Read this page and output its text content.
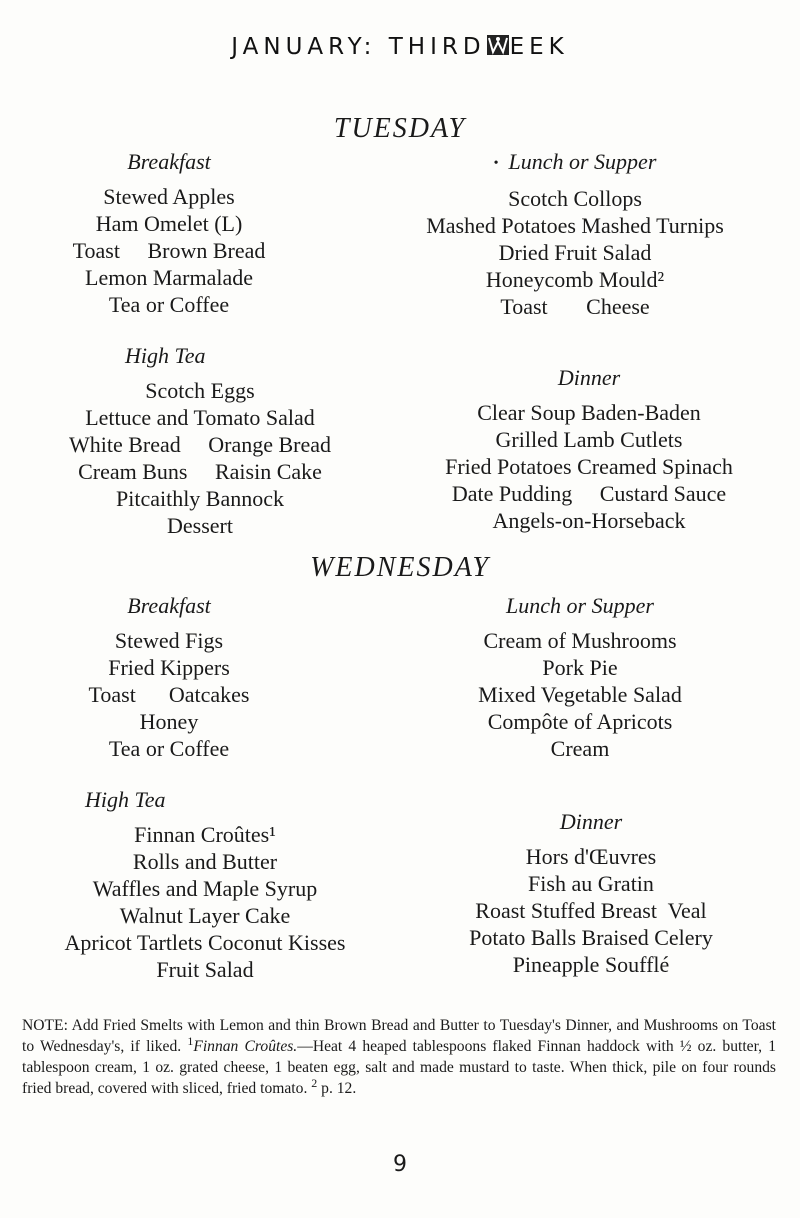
JANUARY: THIRD EEK
TUESDAY
Breakfast
Stewed Apples
Ham Omelet (L)
Toast     Brown Bread
Lemon Marmalade
Tea or Coffee
• Lunch or Supper
Scotch Collops
Mashed Potatoes Mashed Turnips
Dried Fruit Salad
Honeycomb Mould²
Toast       Cheese
High Tea
Scotch Eggs
Lettuce and Tomato Salad
White Bread     Orange Bread
Cream Buns     Raisin Cake
Pitcaithly Bannock
Dessert
Dinner
Clear Soup Baden-Baden
Grilled Lamb Cutlets
Fried Potatoes Creamed Spinach
Date Pudding     Custard Sauce
Angels-on-Horseback
WEDNESDAY
Breakfast
Stewed Figs
Fried Kippers
Toast      Oatcakes
Honey
Tea or Coffee
Lunch or Supper
Cream of Mushrooms
Pork Pie
Mixed Vegetable Salad
Compôte of Apricots
Cream
High Tea
Finnan Croûtes¹
Rolls and Butter
Waffles and Maple Syrup
Walnut Layer Cake
Apricot Tartlets Coconut Kisses
Fruit Salad
Dinner
Hors d'Œuvres
Fish au Gratin
Roast Stuffed Breast  Veal
Potato Balls Braised Celery
Pineapple Soufflé
NOTE: Add Fried Smelts with Lemon and thin Brown Bread and Butter to Tuesday's Dinner, and Mushrooms on Toast to Wednesday's, if liked. $^1$Finnan Croûtes.—Heat 4 heaped tablespoons flaked Finnan haddock with ½ oz. butter, 1 tablespoon cream, 1 oz. grated cheese, 1 beaten egg, salt and made mustard to taste. When thick, pile on four rounds fried bread, covered with sliced, fried tomato. $^2$ p. 12.
9
